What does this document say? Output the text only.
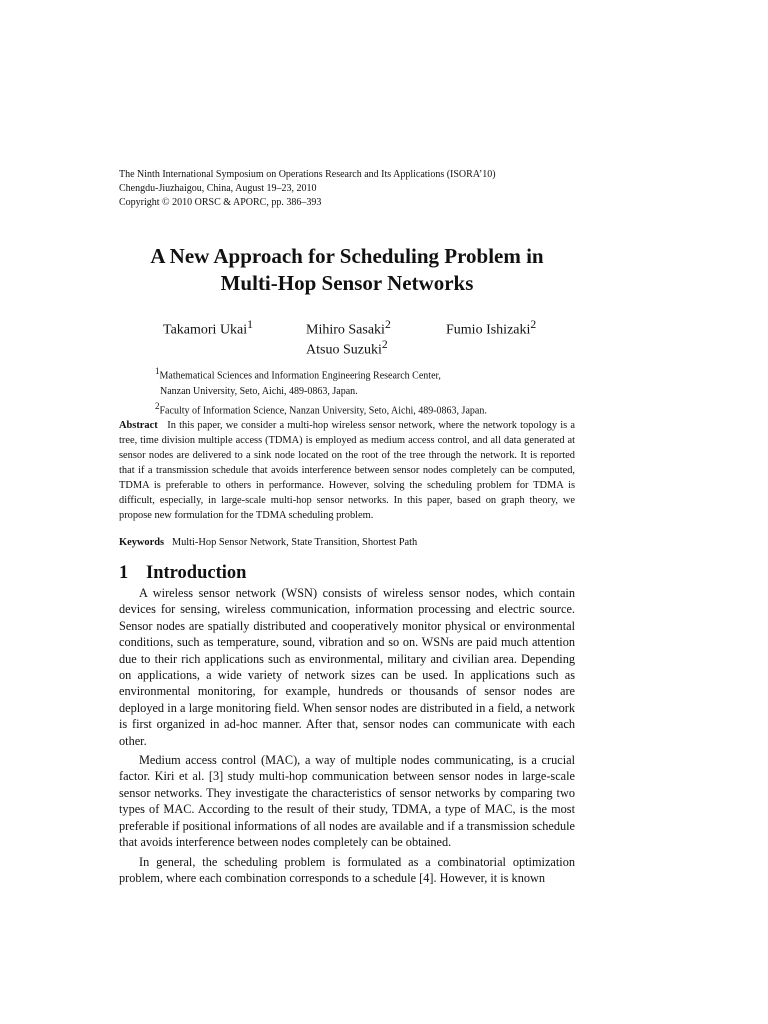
The Ninth International Symposium on Operations Research and Its Applications (ISORA’10)
Chengdu-Jiuzhaigou, China, August 19–23, 2010
Copyright © 2010 ORSC & APORC, pp. 386–393
A New Approach for Scheduling Problem in
Multi-Hop Sensor Networks
Takamori Ukai$^1$	Mihiro Sasaki$^2$	Fumio Ishizaki$^2$
Atsuo Suzuki$^2$
$^1$Mathematical Sciences and Information Engineering Research Center,
Nanzan University, Seto, Aichi, 489-0863, Japan.
$^2$Faculty of Information Science, Nanzan University, Seto, Aichi, 489-0863, Japan.
Abstract In this paper, we consider a multi-hop wireless sensor network, where the network topology is a tree, time division multiple access (TDMA) is employed as medium access control, and all data generated at sensor nodes are delivered to a sink node located on the root of the tree through the network. It is reported that if a transmission schedule that avoids interference between sensor nodes completely can be computed, TDMA is preferable to others in performance. However, solving the scheduling problem for TDMA is difficult, especially, in large-scale multi-hop sensor networks. In this paper, based on graph theory, we propose new formulation for the TDMA scheduling problem.
Keywords Multi-Hop Sensor Network, State Transition, Shortest Path
1 Introduction

A wireless sensor network (WSN) consists of wireless sensor nodes, which contain devices for sensing, wireless communication, information processing and electric source. Sensor nodes are spatially distributed and cooperatively monitor physical or environmental conditions, such as temperature, sound, vibration and so on. WSNs are paid much attention due to their rich applications such as environmental, military and civilian area. Depending on applications, a wide variety of network sizes can be used. In applications such as environmental monitoring, for example, hundreds or thousands of sensor nodes are deployed in a large monitoring field. When sensor nodes are distributed in a field, a network is first organized in ad-hoc manner. After that, sensor nodes can communicate with each other.

Medium access control (MAC), a way of multiple nodes communicating, is a crucial factor. Kiri et al. [3] study multi-hop communication between sensor nodes in large-scale sensor networks. They investigate the characteristics of sensor networks by comparing two types of MAC. According to the result of their study, TDMA, a type of MAC, is the most preferable if positional informations of all nodes are available and if a transmission schedule that avoids interference between nodes completely can be obtained.

In general, the scheduling problem is formulated as a combinatorial optimization problem, where each combination corresponds to a schedule [4]. However, it is known
